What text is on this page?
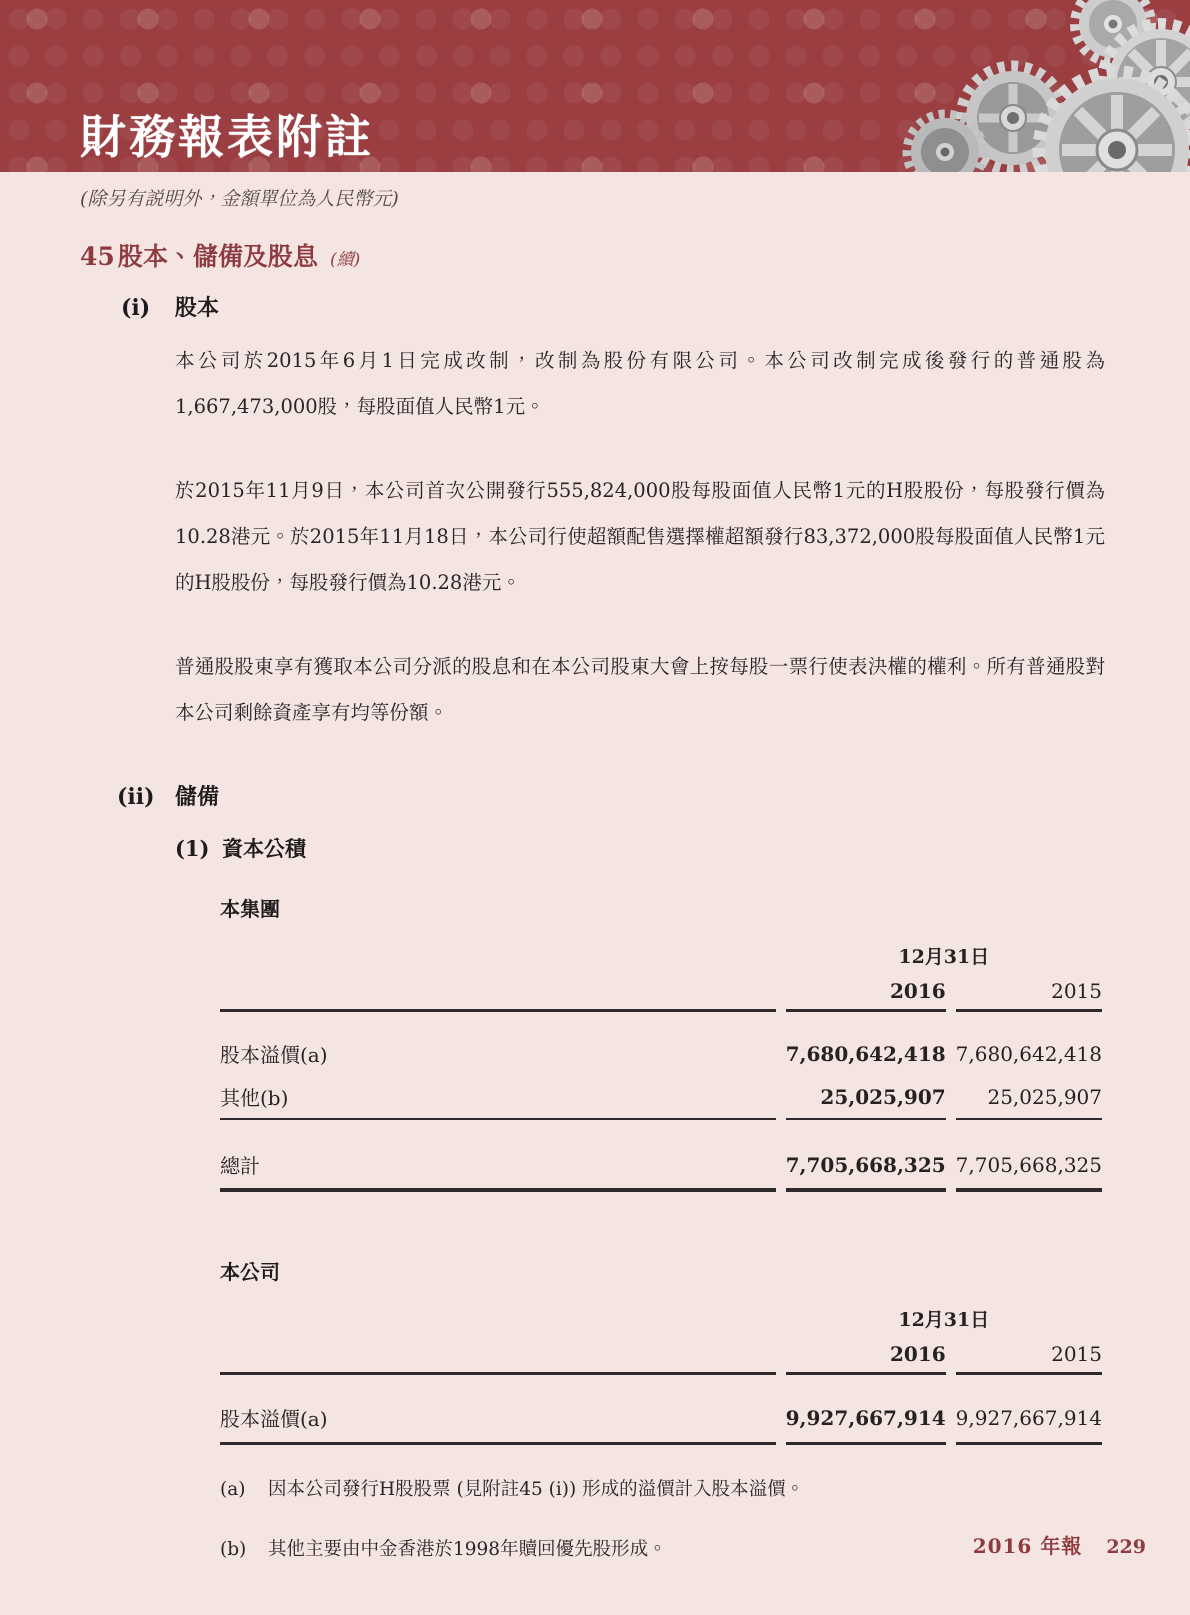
財務報表附註
(除另有説明外，金額單位為人民幣元)
45 股本、儲備及股息 (續)
(i)	股本

本公司於2015年6月1日完成改制，改制為股份有限公司。本公司改制完成後發行的普通股為1,667,473,000股，每股面值人民幣1元。

於2015年11月9日，本公司首次公開發行555,824,000股每股面值人民幣1元的H股股份，每股發行價為10.28港元。於2015年11月18日，本公司行使超額配售選擇權超額發行83,372,000股每股面值人民幣1元的H股股份，每股發行價為10.28港元。

普通股股東享有獲取本公司分派的股息和在本公司股東大會上按每股一票行使表決權的權利。所有普通股對本公司剩餘資產享有均等份額。

(ii) 儲備
(1) 資本公積
本集團
	12月31日	
	2016	2015

股本溢價(a)	7,680,642,418	7,680,642,418
其他(b)	25,025,907	25,025,907

總計	7,705,668,325	7,705,668,325
本公司
	12月31日	
	2016	2015

股本溢價(a)	9,927,667,914	9,927,667,914
(a)	因本公司發行H股股票 (見附註45 (i)) 形成的溢價計入股本溢價。
(b)	其他主要由中金香港於1998年贖回優先股形成。	2016 年報 229
